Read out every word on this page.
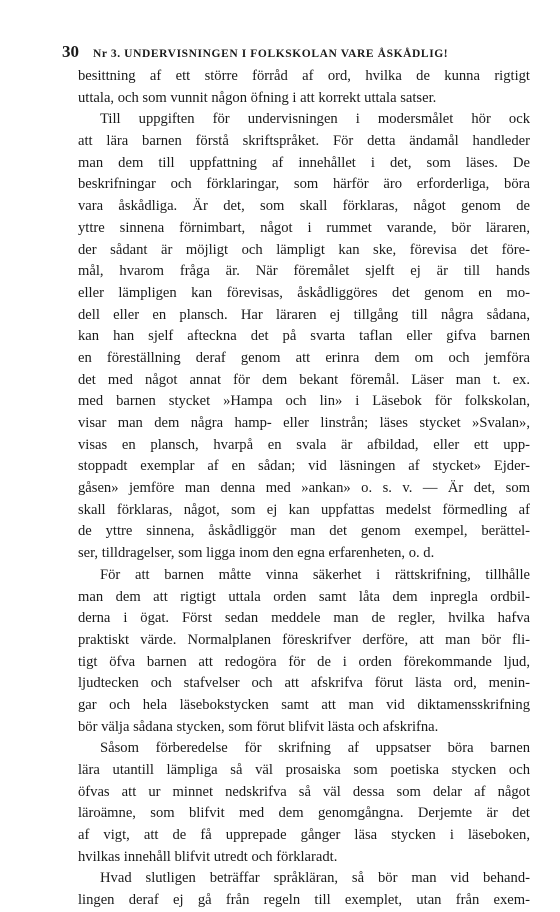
30 Nr 3. UNDERVISNINGEN I FOLKSKOLAN VARE ÅSKÅDLIG!
besittning af ett större förråd af ord, hvilka de kunna rigtigt
uttala, och som vunnit någon öfning i att korrekt uttala satser.
Till uppgiften för undervisningen i modersmålet hör ock
att lära barnen förstå skriftspråket. För detta ändamål handleder
man dem till uppfattning af innehållet i det, som läses. De
beskrifningar och förklaringar, som härför äro erforderliga, böra
vara åskådliga. Är det, som skall förklaras, något genom de
yttre sinnena förnimbart, något i rummet varande, bör läraren,
der sådant är möjligt och lämpligt kan ske, förevisa det före-
mål, hvarom fråga är. När föremålet sjelft ej är till hands
eller lämpligen kan förevisas, åskådliggöres det genom en mo-
dell eller en plansch. Har läraren ej tillgång till några sådana,
kan han sjelf afteckna det på svarta taflan eller gifva barnen
en föreställning deraf genom att erinra dem om och jemföra
det med något annat för dem bekant föremål. Läser man t. ex.
med barnen stycket »Hampa och lin» i Läsebok för folkskolan,
visar man dem några hamp- eller linstrån; läses stycket »Svalan»,
visas en plansch, hvarpå en svala är afbildad, eller ett upp-
stoppadt exemplar af en sådan; vid läsningen af stycket» Ejder-
gåsen» jemföre man denna med »ankan» o. s. v. — Är det, som
skall förklaras, något, som ej kan uppfattas medelst förmedling af
de yttre sinnena, åskådliggör man det genom exempel, berättel-
ser, tilldragelser, som ligga inom den egna erfarenheten, o. d.
För att barnen måtte vinna säkerhet i rättskrifning, tillhålle
man dem att rigtigt uttala orden samt låta dem inpregla ordbil-
derna i ögat. Först sedan meddele man de regler, hvilka hafva
praktiskt värde. Normalplanen föreskrifver derföre, att man bör fli-
tigt öfva barnen att redogöra för de i orden förekommande ljud,
ljudtecken och stafvelser och att afskrifva förut lästa ord, menin-
gar och hela läsebokstycken samt att man vid diktamensskrifning
bör välja sådana stycken, som förut blifvit lästa och afskrifna.
Såsom förberedelse för skrifning af uppsatser böra barnen
lära utantill lämpliga så väl prosaiska som poetiska stycken och
öfvas att ur minnet nedskrifva så väl dessa som delar af något
läroämne, som blifvit med dem genomgångna. Derjemte är det
af vigt, att de få upprepade gånger läsa stycken i läseboken,
hvilkas innehåll blifvit utredt och förklaradt.
Hvad slutligen beträffar språkläran, så bör man vid behand-
lingen deraf ej gå från regeln till exemplet, utan från exem-
